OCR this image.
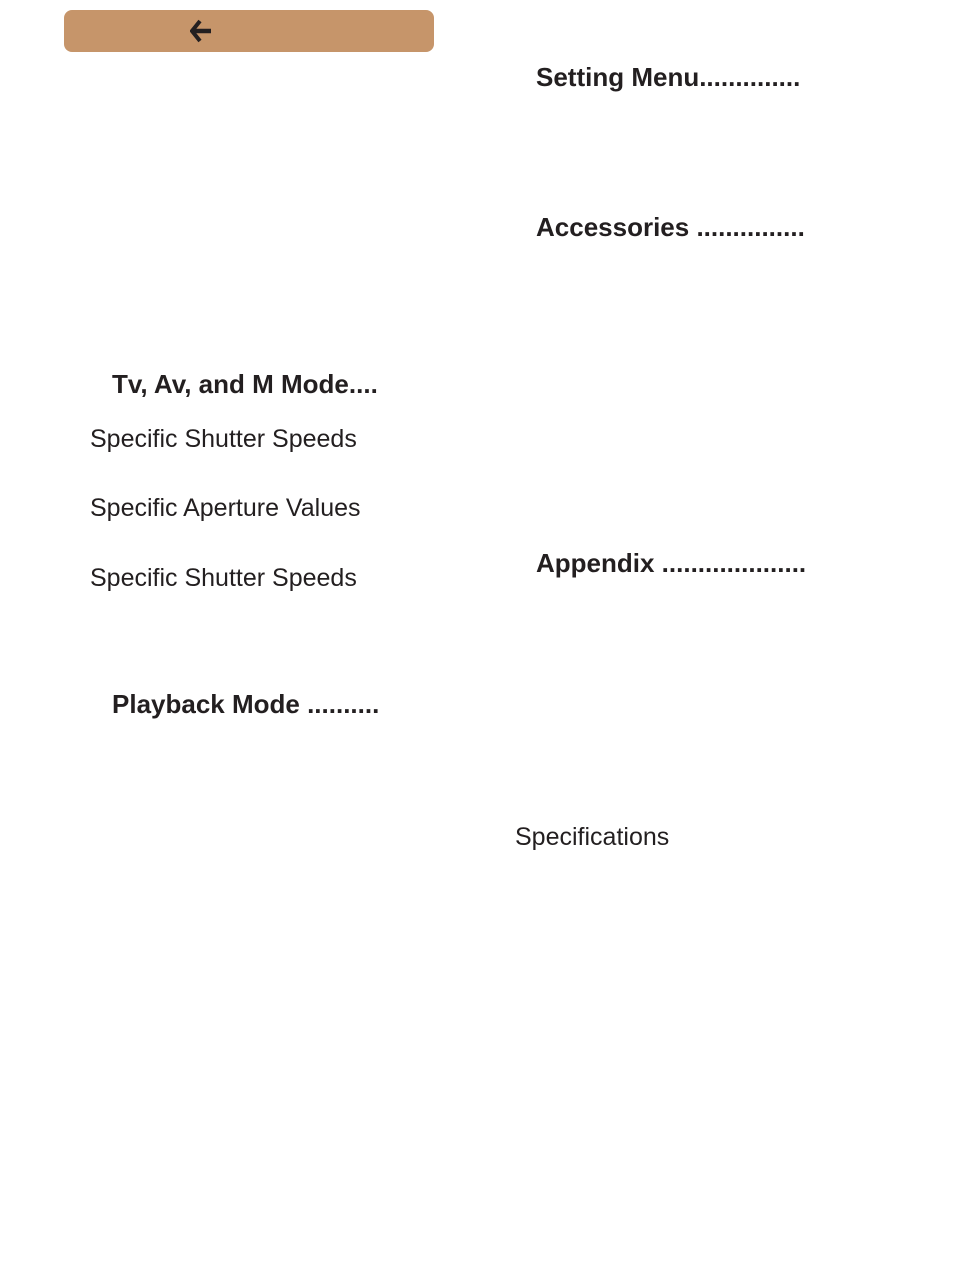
Setting Menu..............
Accessories ...............
Tv, Av, and M Mode....
Specific Shutter Speeds
Specific Aperture Values
Specific Shutter Speeds	Appendix ....................
Playback Mode ..........
Specifications
